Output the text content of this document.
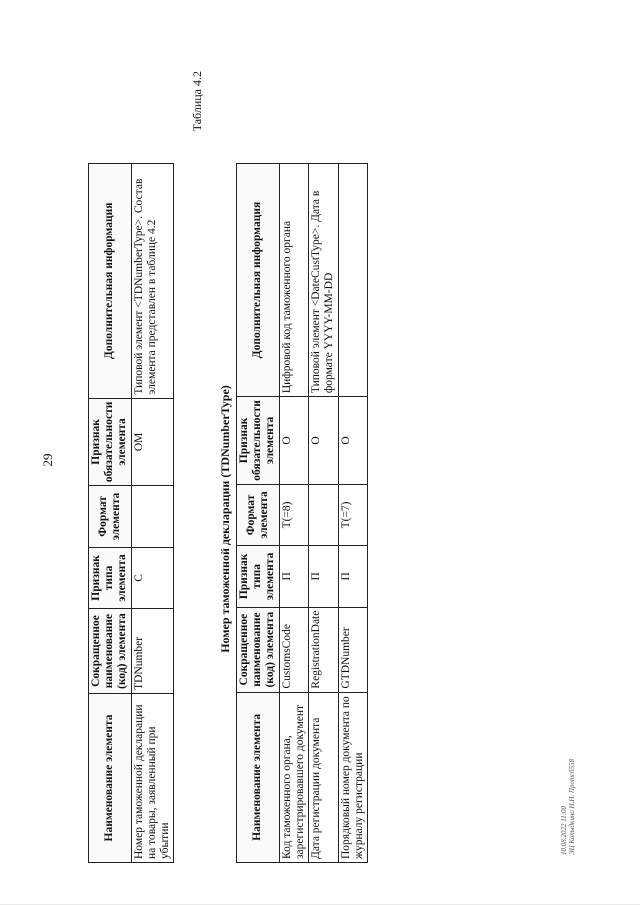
29
Наименование элемента	Сокращенное наименование (код) элемента	Признак типа элемента	Формат элемента	Признак обязательности элемента	Дополнительная информация
Номер таможенной декларации на товары, заявленный при убытии	TDNumber	С		ОМ	Типовой элемент <TDNumberType>. Состав элемента представлен в таблице 4.2
Таблица 4.2
Номер таможенной декларации (TDNumberType)
Наименование элемента	Сокращенное наименование (код) элемента	Признак типа элемента	Формат элемента	Признак обязательности элемента	Дополнительная информация
Код таможенного органа, зарегистрировавшего документ	CustomsCode	П	T(=8)	О	Цифровой код таможенного органа
Дата регистрации документа	RegistrationDate	П		О	Типовой элемент <DateCustType>. Дата в формате YYYY-MM-DD
Порядковый номер документа по журналу регистрации	GTDNumber	П	T(=7)	О	
10.08.2022 11:00 ЭЦ Копыдкино Н.Н. Протсб558
